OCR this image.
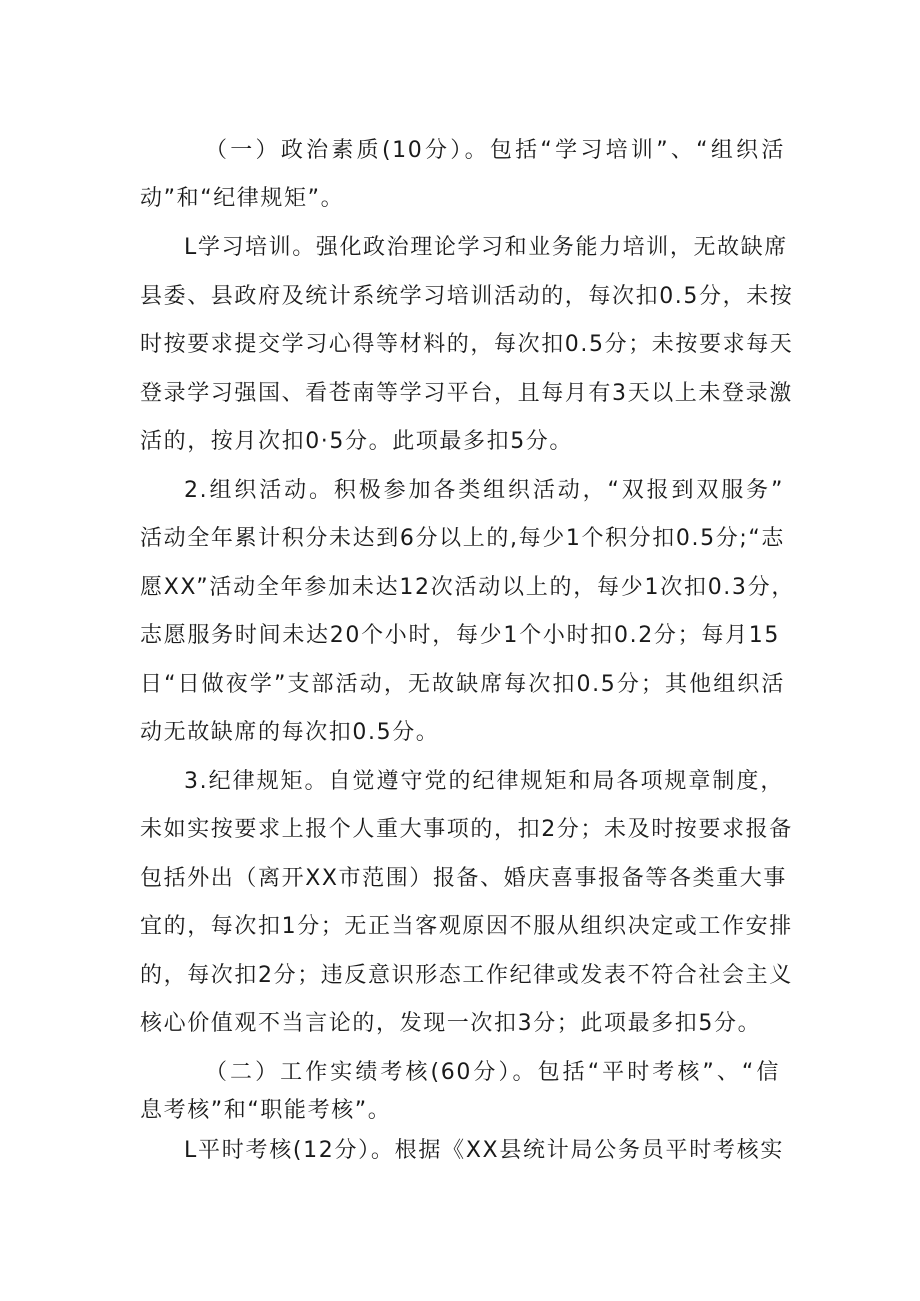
（一）政治素质(10分）。包括“学习培训”、“组织活
动”和“纪律规矩”。
L学习培训。强化政治理论学习和业务能力培训，无故缺席
县委、县政府及统计系统学习培训活动的，每次扣0.5分，未按
时按要求提交学习心得等材料的，每次扣0.5分；未按要求每天
登录学习强国、看苍南等学习平台，且每月有3天以上未登录激
活的，按月次扣0·5分。此项最多扣5分。
2.组织活动。积极参加各类组织活动，“双报到双服务”
活动全年累计积分未达到6分以上的,每少1个积分扣0.5分;“志
愿XX”活动全年参加未达12次活动以上的，每少1次扣0.3分，
志愿服务时间未达20个小时，每少1个小时扣0.2分；每月15
日“日做夜学”支部活动，无故缺席每次扣0.5分；其他组织活
动无故缺席的每次扣0.5分。
3.纪律规矩。自觉遵守党的纪律规矩和局各项规章制度，
未如实按要求上报个人重大事项的，扣2分；未及时按要求报备
包括外出（离开XX市范围）报备、婚庆喜事报备等各类重大事
宜的，每次扣1分；无正当客观原因不服从组织决定或工作安排
的，每次扣2分；违反意识形态工作纪律或发表不符合社会主义
核心价值观不当言论的，发现一次扣3分；此项最多扣5分。
（二）工作实绩考核(60分）。包括“平时考核”、“信
息考核”和“职能考核”。
L平时考核(12分）。根据《XX县统计局公务员平时考核实
